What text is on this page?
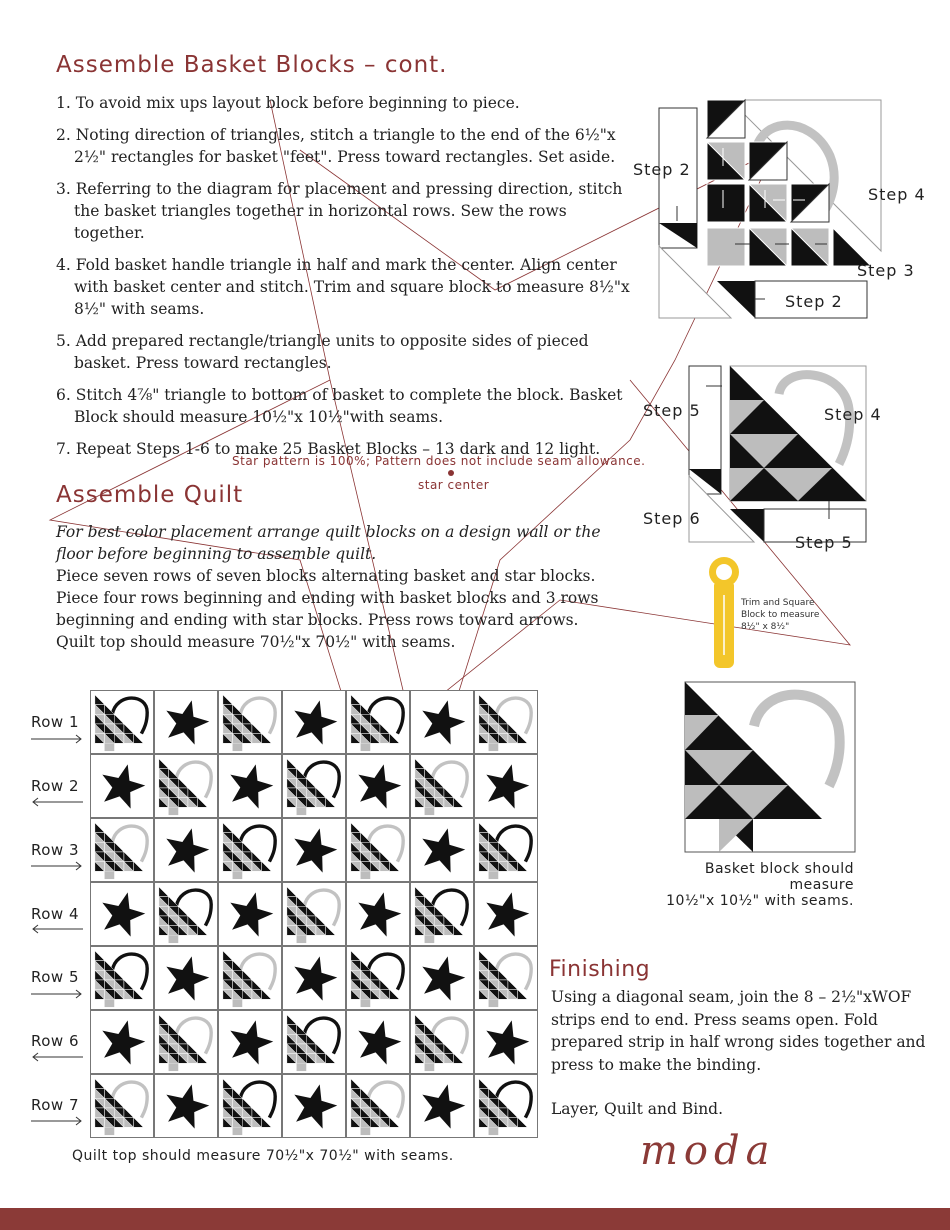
Assemble Basket Blocks – cont.

1. To avoid mix ups layout block before beginning to piece.

2. Noting direction of triangles, stitch a triangle to the end of the 6½"x 2½" rectangles for basket "feet". Press toward rectangles. Set aside.

3. Referring to the diagram for placement and pressing direction, stitch the basket triangles together in horizontal rows. Sew the rows together.

4. Fold basket handle triangle in half and mark the center. Align center with basket center and stitch. Trim and square block to measure 8½"x 8½" with seams.

5. Add prepared rectangle/triangle units to opposite sides of pieced basket. Press toward rectangles.

6. Stitch 4⅞" triangle to bottom of basket to complete the block. Basket Block should measure 10½"x 10½"with seams.

7. Repeat Steps 1-6 to make 25 Basket Blocks – 13 dark and 12 light.

Star pattern is 100%; Pattern does not include seam allowance.
star center
Assemble Quilt

For best color placement arrange quilt blocks on a design wall or the floor before beginning to assemble quilt.

Piece seven rows of seven blocks alternating basket and star blocks. Piece four rows beginning and ending with basket blocks and 3 rows beginning and ending with star blocks. Press rows toward arrows.

Quilt top should measure 70½"x 70½" with seams.

Step 2
Step 4
Step 3
Step 2
Step 5	Step 4
Step 6
Step 5
Trim and Square
Block to measure
8½" x 8½"
Basket block should measure
10½"x 10½" with seams.
Row 1
Row 2
Row 3
Row 4
Row 5
Row 6
Row 7
Quilt top should measure 70½"x 70½" with seams.
Finishing

Using a diagonal seam, join the 8 – 2½"xWOF strips end to end. Press seams open. Fold prepared strip in half wrong sides together and press to make the binding.

Layer, Quilt and Bind.

moda
